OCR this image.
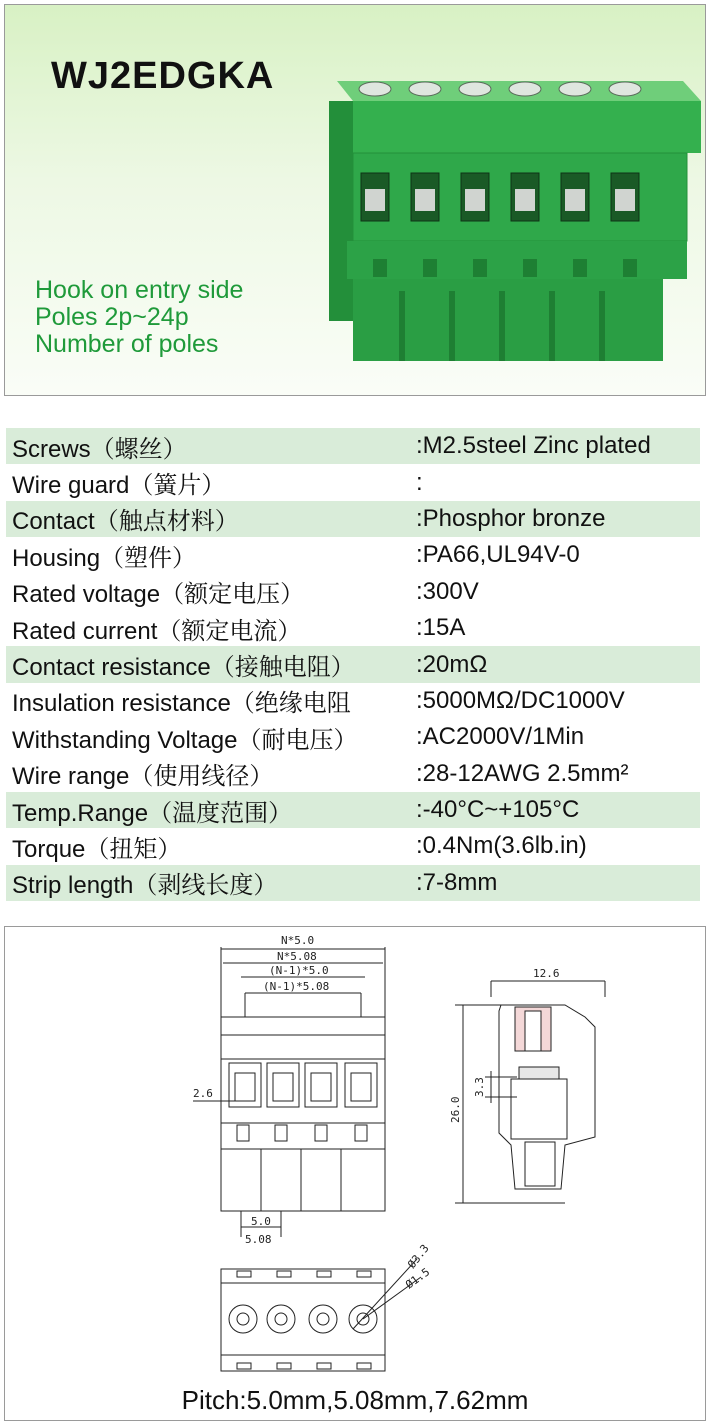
WJ2EDGKA
Hook on entry side
Poles 2p~24p
Number of poles
Screws（螺丝）	:M2.5steel Zinc plated
Wire guard（簧片）	:
Contact（触点材料）	:Phosphor bronze
Housing（塑件）	:PA66,UL94V-0
Rated voltage（额定电压）	:300V
Rated current（额定电流）	:15A
Contact resistance（接触电阻）	:20mΩ
Insulation resistance（绝缘电阻	:5000MΩ/DC1000V
Withstanding Voltage（耐电压）	:AC2000V/1Min
Wire range（使用线径）	:28-12AWG 2.5mm²
Temp.Range（温度范围）	:-40°C~+105°C
Torque（扭矩）	:0.4Nm(3.6lb.in)
Strip length（剥线长度）	:7-8mm
N*5.0
N*5.08
(N-1)*5.0
(N-1)*5.08
2.6
5.0
5.08
12.6
26.0
3.3
Ø3.3
Ø1.5
Pitch:5.0mm,5.08mm,7.62mm
